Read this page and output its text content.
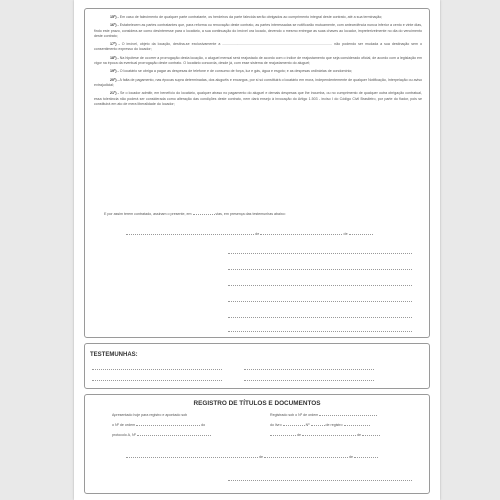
15ª) - Em caso de falecimento de qualquer parte contratante, os herdeiros da parte falecida serão obrigados ao cumprimento integral deste contrato, até a sua terminação;

16ª) - Estabelecem as partes contratantes que, para reforma ou renovação deste contrato, as partes interessadas se notificarão mutuamente, com antecedência nunca inferior a cento e vinte dias, findo este prazo, considera-se como desinteresse para o locatário, a sua continuação do imóvel ora locado, devendo o mesmo entregar as suas chaves ao locador, impreterivelmente no dia do vencimento deste contrato;

17ª) - O imóvel, objeto da locação, destina-se exclusivamente a .............................................................................................................. não podendo ser mudada a sua destinação sem o consentimento expresso do locador;

18ª) - Na hipótese de ocorrer a prorrogação desta locação, o aluguel mensal será reajustado de acordo com o índice de reajustamento que seja considerado oficial, de acordo com a legislação em vigor na época da eventual prorrogação deste contrato. O locatário concorda, desde já, com esse sistema de reajustamento do aluguel;

19ª) - O locatário se obriga a pagar as despesas de telefone e de consumo de força, luz e gás, água e esgoto; e as despesas ordinárias de condomínio;

20ª) - A falta de pagamento, nas épocas supra determinadas, dos aluguéis e encargos, por si só constituirá o locatário em mora, independentemente de qualquer Notificação, Interpelação ou aviso extrajudicial;

21ª) - Se o locador admitir, em benefício do locatário, qualquer atraso no pagamento do aluguel e demais despesas que lhe incumba, ou no cumprimento de qualquer outra obrigação contratual, essa tolerância não poderá ser considerada como alteração das condições deste contrato, nem dará ensejo à invocação do Artigo 1.503 - inciso I do Código Civil Brasileiro, por parte do fiador, pois se constituirá em ato de mera liberalidade do locador;

E por assim terem contratado, assinam o presente, em	vias, em presença das testemunhas abaixo:
de	de
TESTEMUNHAS:
REGISTRO DE TÍTULOS E DOCUMENTOS
Apresentado hoje para registro e apontado sob
o Nº de ordem	do
protocolo A, Nº
Registrado sob o Nº de ordem
do livro	Nº	de registro
de	de
de	de
